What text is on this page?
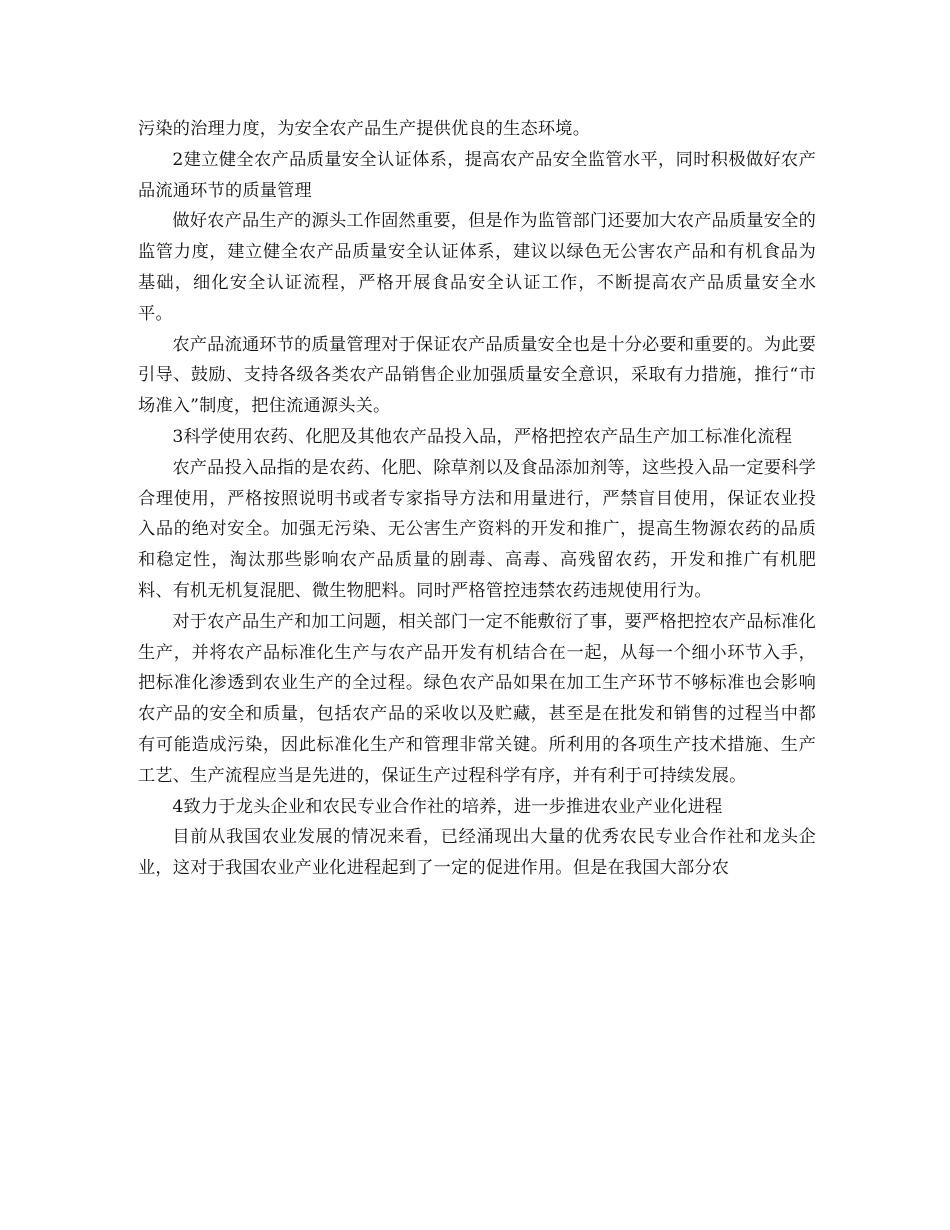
污染的治理力度，为安全农产品生产提供优良的生态环境。

2建立健全农产品质量安全认证体系，提高农产品安全监管水平，同时积极做好农产品流通环节的质量管理

做好农产品生产的源头工作固然重要，但是作为监管部门还要加大农产品质量安全的监管力度，建立健全农产品质量安全认证体系，建议以绿色无公害农产品和有机食品为基础，细化安全认证流程，严格开展食品安全认证工作，不断提高农产品质量安全水平。

农产品流通环节的质量管理对于保证农产品质量安全也是十分必要和重要的。为此要引导、鼓励、支持各级各类农产品销售企业加强质量安全意识，采取有力措施，推行“市场准入”制度，把住流通源头关。

3科学使用农药、化肥及其他农产品投入品，严格把控农产品生产加工标准化流程

农产品投入品指的是农药、化肥、除草剂以及食品添加剂等，这些投入品一定要科学合理使用，严格按照说明书或者专家指导方法和用量进行，严禁盲目使用，保证农业投入品的绝对安全。加强无污染、无公害生产资料的开发和推广，提高生物源农药的品质和稳定性，淘汰那些影响农产品质量的剧毒、高毒、高残留农药，开发和推广有机肥料、有机无机复混肥、微生物肥料。同时严格管控违禁农药违规使用行为。

对于农产品生产和加工问题，相关部门一定不能敷衍了事，要严格把控农产品标准化生产，并将农产品标准化生产与农产品开发有机结合在一起，从每一个细小环节入手，把标准化渗透到农业生产的全过程。绿色农产品如果在加工生产环节不够标准也会影响农产品的安全和质量，包括农产品的采收以及贮藏，甚至是在批发和销售的过程当中都有可能造成污染，因此标准化生产和管理非常关键。所利用的各项生产技术措施、生产工艺、生产流程应当是先进的，保证生产过程科学有序，并有利于可持续发展。

4致力于龙头企业和农民专业合作社的培养，进一步推进农业产业化进程

目前从我国农业发展的情况来看，已经涌现出大量的优秀农民专业合作社和龙头企业，这对于我国农业产业化进程起到了一定的促进作用。但是在我国大部分农
